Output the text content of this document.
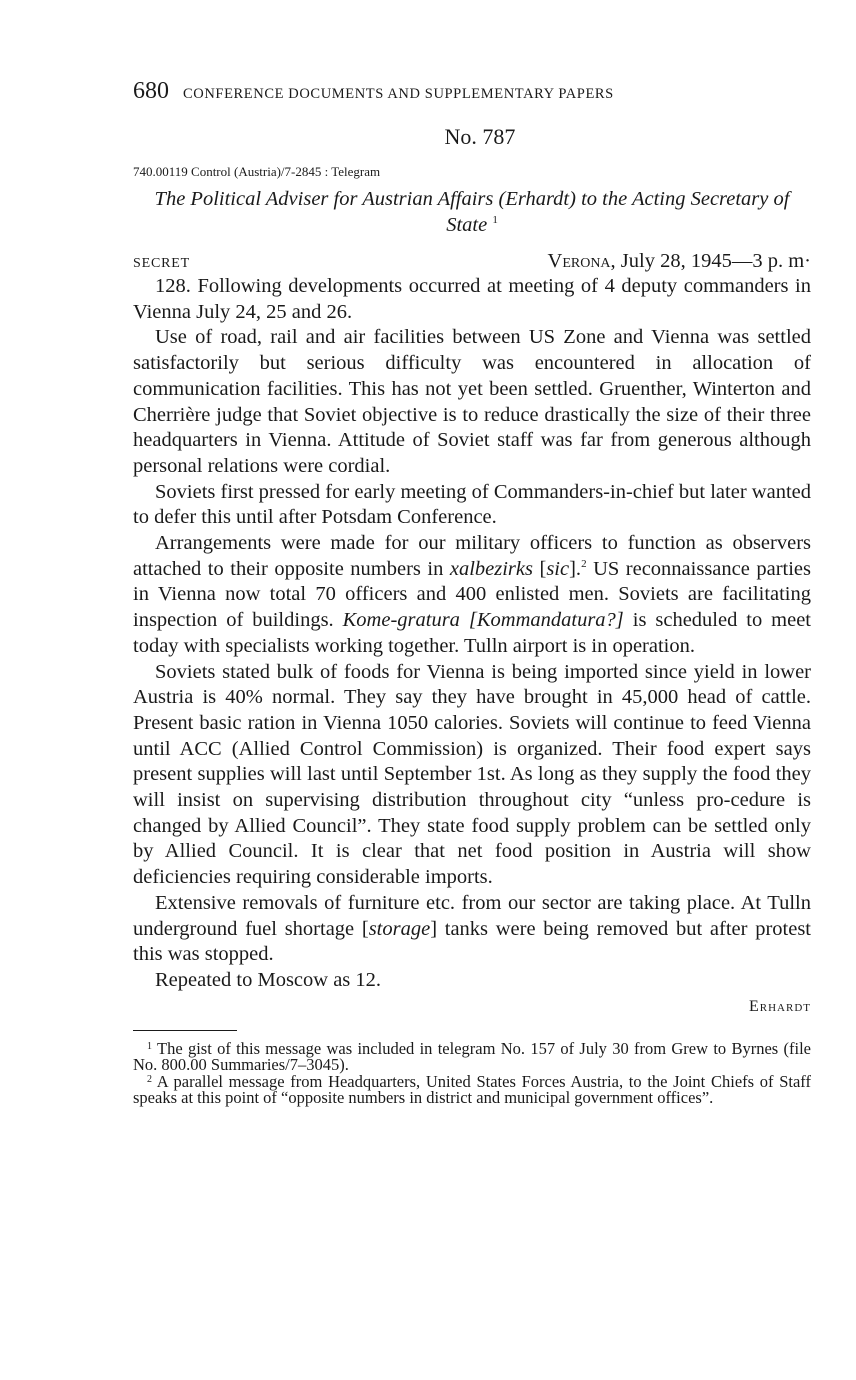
680 CONFERENCE DOCUMENTS AND SUPPLEMENTARY PAPERS
No. 787
740.00119 Control (Austria)/7-2845 : Telegram
The Political Adviser for Austrian Affairs (Erhardt) to the Acting Secretary of State $^1$
SECRET	Verona, July 28, 1945—3 p. m·

128. Following developments occurred at meeting of 4 deputy commanders in Vienna July 24, 25 and 26.

Use of road, rail and air facilities between US Zone and Vienna was settled satisfactorily but serious difficulty was encountered in allocation of communication facilities. This has not yet been settled. Gruenther, Winterton and Cherrière judge that Soviet objective is to reduce drastically the size of their three headquarters in Vienna. Attitude of Soviet staff was far from generous although personal relations were cordial.

Soviets first pressed for early meeting of Commanders-in-chief but later wanted to defer this until after Potsdam Conference.

Arrangements were made for our military officers to function as observers attached to their opposite numbers in xalbezirks [sic].$^2$ US reconnaissance parties in Vienna now total 70 officers and 400 enlisted men. Soviets are facilitating inspection of buildings. Kome-gratura [Kommandatura?] is scheduled to meet today with specialists working together. Tulln airport is in operation.

Soviets stated bulk of foods for Vienna is being imported since yield in lower Austria is 40% normal. They say they have brought in 45,000 head of cattle. Present basic ration in Vienna 1050 calories. Soviets will continue to feed Vienna until ACC (Allied Control Commission) is organized. Their food expert says present supplies will last until September 1st. As long as they supply the food they will insist on supervising distribution throughout city “unless pro-cedure is changed by Allied Council”. They state food supply problem can be settled only by Allied Council. It is clear that net food position in Austria will show deficiencies requiring considerable imports.

Extensive removals of furniture etc. from our sector are taking place. At Tulln underground fuel shortage [storage] tanks were being removed but after protest this was stopped.

Repeated to Moscow as 12.

Erhardt

$^1$ The gist of this message was included in telegram No. 157 of July 30 from Grew to Byrnes (file No. 800.00 Summaries/7–3045).

$^2$ A parallel message from Headquarters, United States Forces Austria, to the Joint Chiefs of Staff speaks at this point of “opposite numbers in district and municipal government offices”.
